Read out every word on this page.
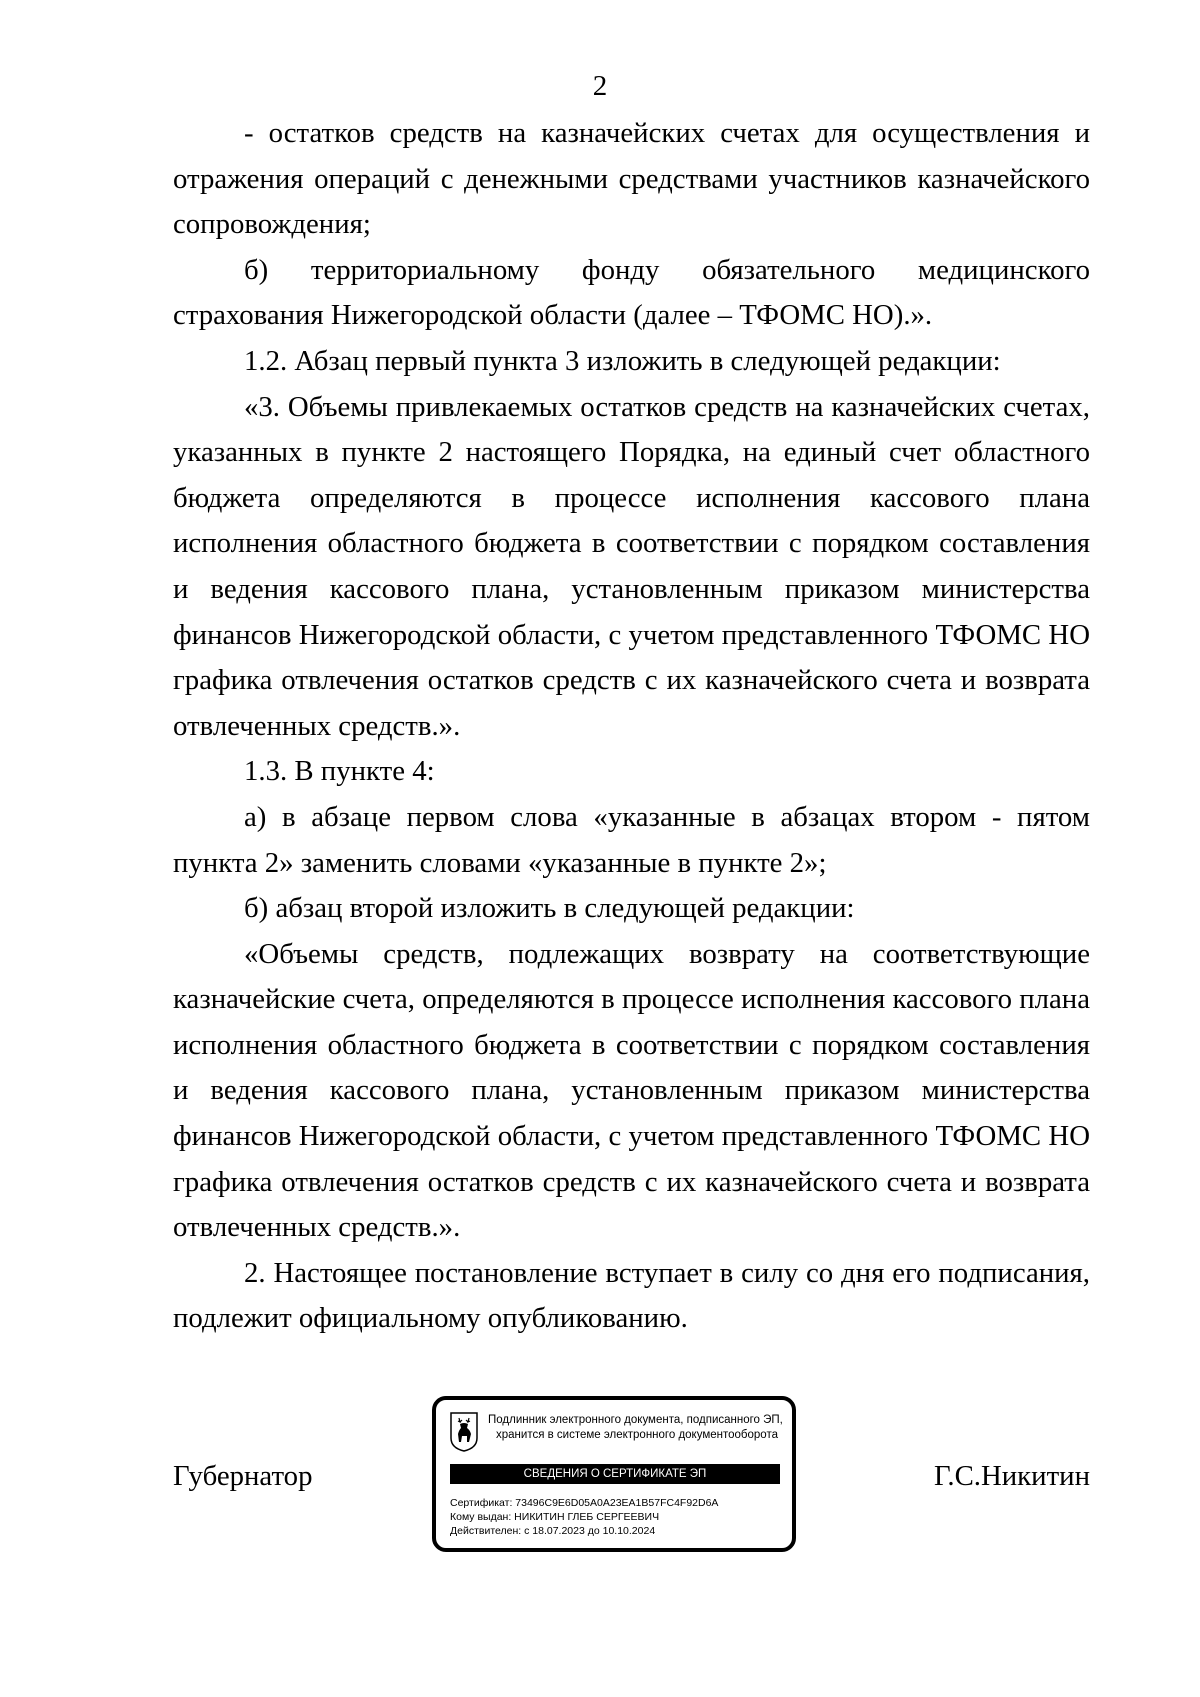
2

- остатков средств на казначейских счетах для осуществления и отражения операций с денежными средствами участников казначейского сопровождения;

б) территориальному фонду обязательного медицинского страхования Нижегородской области (далее – ТФОМС НО).».

1.2. Абзац первый пункта 3 изложить в следующей редакции:

«3. Объемы привлекаемых остатков средств на казначейских счетах, указанных в пункте 2 настоящего Порядка, на единый счет областного бюджета определяются в процессе исполнения кассового плана исполнения областного бюджета в соответствии с порядком составления и ведения кассового плана, установленным приказом министерства финансов Нижегородской области, с учетом представленного ТФОМС НО графика отвлечения остатков средств с их казначейского счета и возврата отвлеченных средств.».

1.3. В пункте 4:

а) в абзаце первом слова «указанные в абзацах втором - пятом пункта 2» заменить словами «указанные в пункте 2»;

б) абзац второй изложить в следующей редакции:

«Объемы средств, подлежащих возврату на соответствующие казначейские счета, определяются в процессе исполнения кассового плана исполнения областного бюджета в соответствии с порядком составления и ведения кассового плана, установленным приказом министерства финансов Нижегородской области, с учетом представленного ТФОМС НО графика отвлечения остатков средств с их казначейского счета и возврата отвлеченных средств.».

2. Настоящее постановление вступает в силу со дня его подписания, подлежит официальному опубликованию.

Губернатор
Подлинник электронного документа, подписанного ЭП,
хранится в системе электронного документооборота
СВЕДЕНИЯ О СЕРТИФИКАТЕ ЭП
Сертификат: 73496C9E6D05A0A23EA1B57FC4F92D6A
Кому выдан: НИКИТИН ГЛЕБ СЕРГЕЕВИЧ
Действителен: с 18.07.2023 до 10.10.2024
Г.С.Никитин
